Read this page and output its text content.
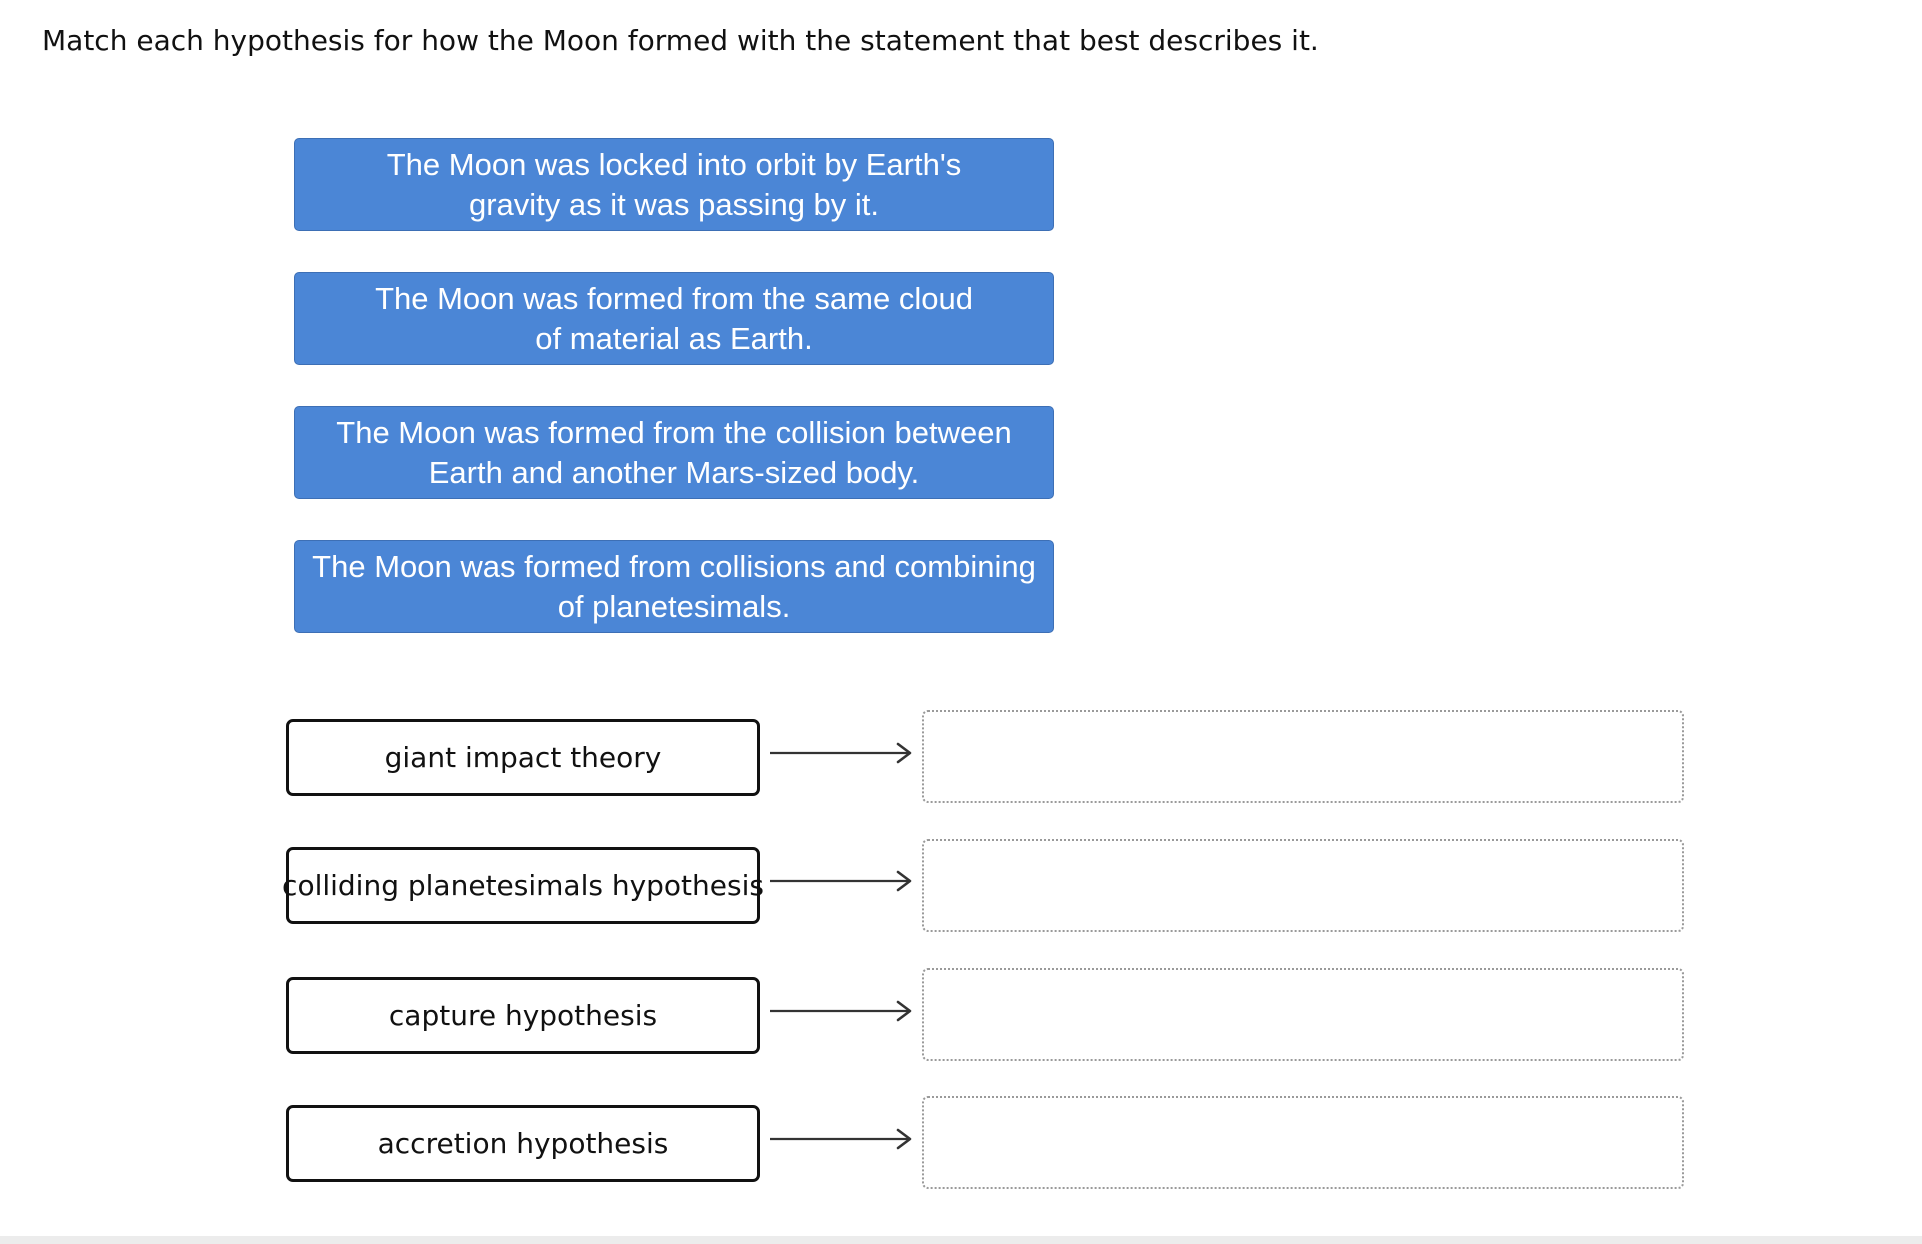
Match each hypothesis for how the Moon formed with the statement that best describes it.
The Moon was locked into orbit by Earth's
gravity as it was passing by it.
The Moon was formed from the same cloud
of material as Earth.
The Moon was formed from the collision between
Earth and another Mars-sized body.
The Moon was formed from collisions and combining
of planetesimals.
giant impact theory
colliding planetesimals hypothesis
capture hypothesis
accretion hypothesis
